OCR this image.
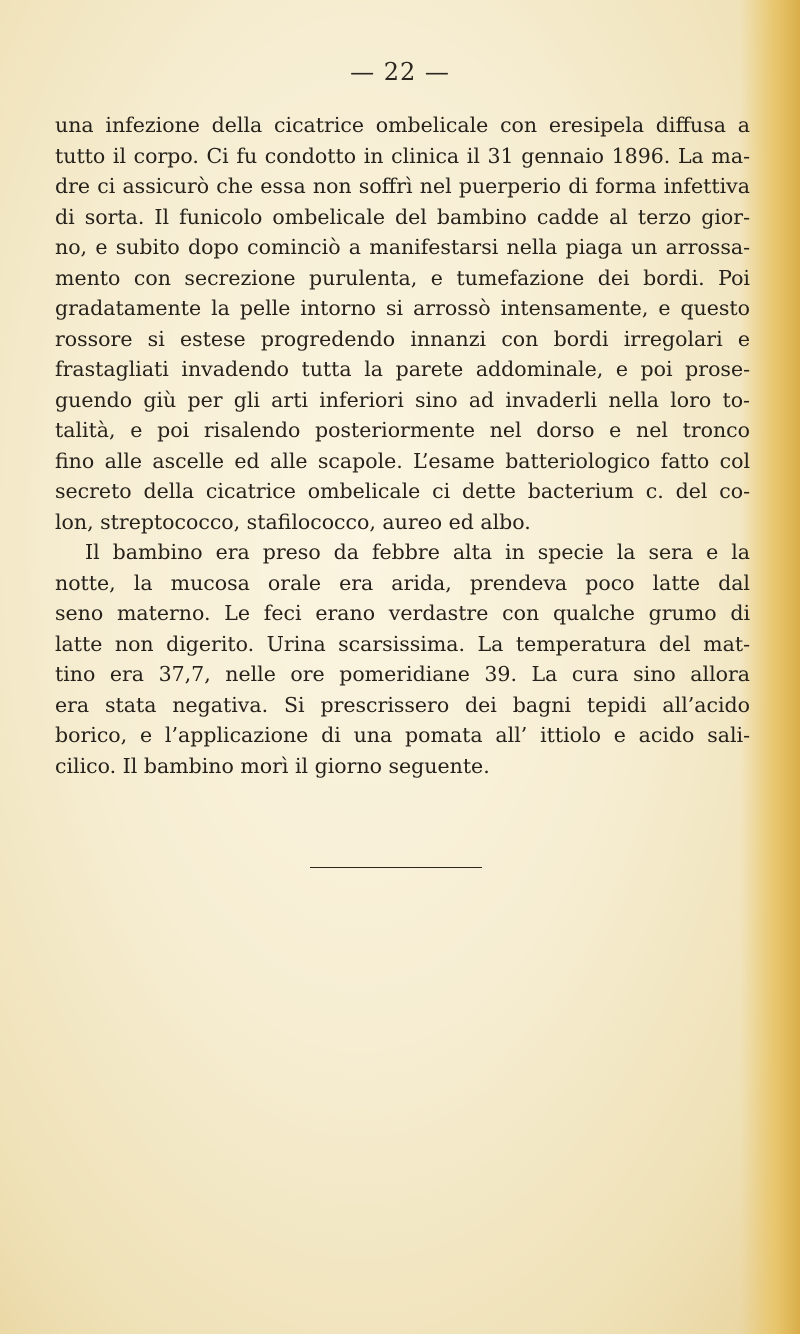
— 22 —

una infezione della cicatrice ombelicale con eresipela diffusa a
tutto il corpo. Ci fu condotto in clinica il 31 gennaio 1896. La ma-
dre ci assicurò che essa non soffrì nel puerperio di forma infettiva
di sorta. Il funicolo ombelicale del bambino cadde al terzo gior-
no, e subito dopo cominciò a manifestarsi nella piaga un arrossa-
mento con secrezione purulenta, e tumefazione dei bordi. Poi
gradatamente la pelle intorno si arrossò intensamente, e questo
rossore si estese progredendo innanzi con bordi irregolari e
frastagliati invadendo tutta la parete addominale, e poi prose-
guendo giù per gli arti inferiori sino ad invaderli nella loro to-
talità, e poi risalendo posteriormente nel dorso e nel tronco
fino alle ascelle ed alle scapole. L’esame batteriologico fatto col
secreto della cicatrice ombelicale ci dette bacterium c. del co-
lon, streptococco, stafilococco, aureo ed albo.

Il bambino era preso da febbre alta in specie la sera e la
notte, la mucosa orale era arida, prendeva poco latte dal
seno materno. Le feci erano verdastre con qualche grumo di
latte non digerito. Urina scarsissima. La temperatura del mat-
tino era 37,7, nelle ore pomeridiane 39. La cura sino allora
era stata negativa. Si prescrissero dei bagni tepidi all’acido
borico, e l’applicazione di una pomata all’ ittiolo e acido sali-
cilico. Il bambino morì il giorno seguente.
